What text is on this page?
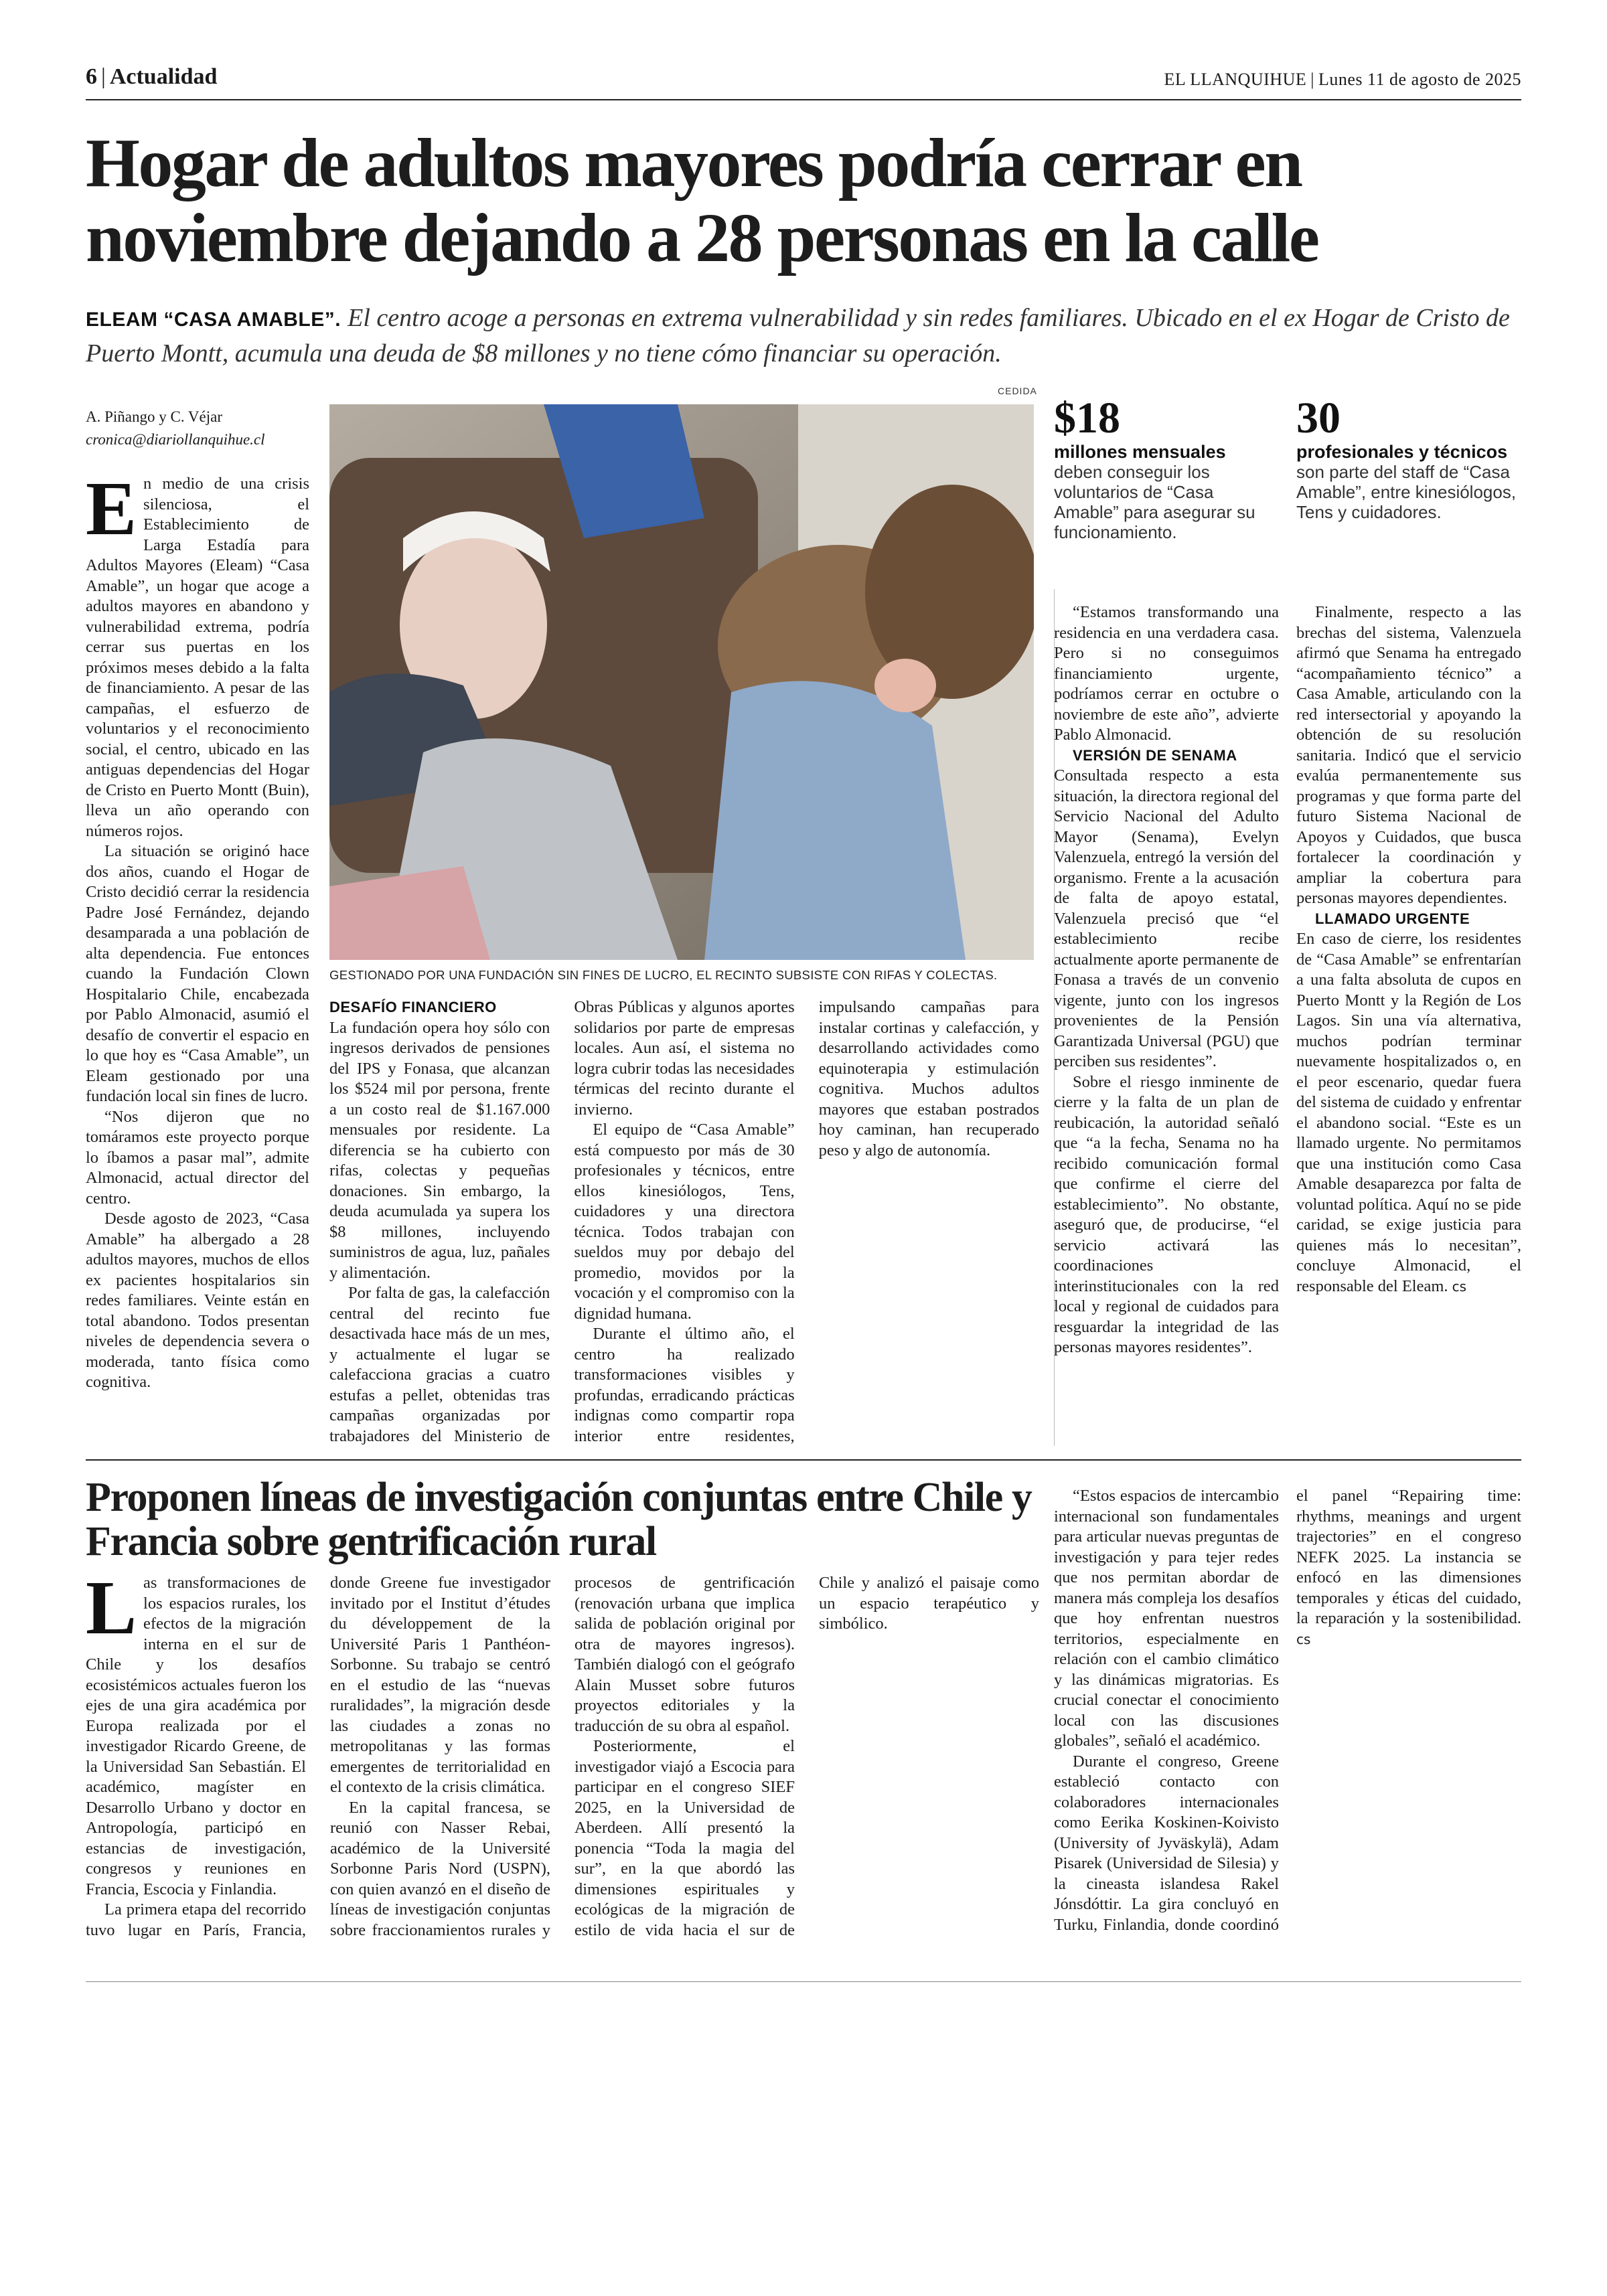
6 | Actualidad	EL LLANQUIHUE | Lunes 11 de agosto de 2025
Hogar de adultos mayores podría cerrar en noviembre dejando a 28 personas en la calle
ELEAM “CASA AMABLE”. El centro acoge a personas en extrema vulnerabilidad y sin redes familiares. Ubicado en el ex Hogar de Cristo de Puerto Montt, acumula una deuda de $8 millones y no tiene cómo financiar su operación.
A. Piñango y C. Véjar
cronica@diariollanquihue.cl
CEDIDA
GESTIONADO POR UNA FUNDACIÓN SIN FINES DE LUCRO, EL RECINTO SUBSISTE CON RIFAS Y COLECTAS.
$18
millones mensuales deben conseguir los voluntarios de “Casa Amable” para asegurar su funcionamiento.
30
profesionales y técnicos son parte del staff de “Casa Amable”, entre kinesiólogos, Tens y cuidadores.

En medio de una crisis silenciosa, el Establecimiento de Larga Estadía para Adultos Mayores (Eleam) “Casa Amable”, un hogar que acoge a adultos mayores en abandono y vulnerabilidad extrema, podría cerrar sus puertas en los próximos meses debido a la falta de financiamiento. A pesar de las campañas, el esfuerzo de voluntarios y el reconocimiento social, el centro, ubicado en las antiguas dependencias del Hogar de Cristo en Puerto Montt (Buin), lleva un año operando con números rojos.

La situación se originó hace dos años, cuando el Hogar de Cristo decidió cerrar la residencia Padre José Fernández, dejando desamparada a una población de alta dependencia. Fue entonces cuando la Fundación Clown Hospitalario Chile, encabezada por Pablo Almonacid, asumió el desafío de convertir el espacio en lo que hoy es “Casa Amable”, un Eleam gestionado por una fundación local sin fines de lucro.

“Nos dijeron que no tomáramos este proyecto porque lo íbamos a pasar mal”, admite Almonacid, actual director del centro.

Desde agosto de 2023, “Casa Amable” ha albergado a 28 adultos mayores, muchos de ellos ex pacientes hospitalarios sin redes familiares. Veinte están en total abandono. Todos presentan niveles de dependencia severa o moderada, tanto física como cognitiva.

DESAFÍO FINANCIERO

La fundación opera hoy sólo con ingresos derivados de pensiones del IPS y Fonasa, que alcanzan los $524 mil por persona, frente a un costo real de $1.167.000 mensuales por residente. La diferencia se ha cubierto con rifas, colectas y pequeñas donaciones. Sin embargo, la deuda acumulada ya supera los $8 millones, incluyendo suministros de agua, luz, pañales y alimentación.

Por falta de gas, la calefacción central del recinto fue desactivada hace más de un mes, y actualmente el lugar se calefacciona gracias a cuatro estufas a pellet, obtenidas tras campañas organizadas por trabajadores del Ministerio de Obras Públicas y algunos aportes solidarios por parte de empresas locales. Aun así, el sistema no logra cubrir todas las necesidades térmicas del recinto durante el invierno.

El equipo de “Casa Amable” está compuesto por más de 30 profesionales y técnicos, entre ellos kinesiólogos, Tens, cuidadores y una directora técnica. Todos trabajan con sueldos muy por debajo del promedio, movidos por la vocación y el compromiso con la dignidad humana.

Durante el último año, el centro ha realizado transformaciones visibles y profundas, erradicando prácticas indignas como compartir ropa interior entre residentes, impulsando campañas para instalar cortinas y calefacción, y desarrollando actividades como equinoterapia y estimulación cognitiva. Muchos adultos mayores que estaban postrados hoy caminan, han recuperado peso y algo de autonomía.

“Estamos transformando una residencia en una verdadera casa. Pero si no conseguimos financiamiento urgente, podríamos cerrar en octubre o noviembre de este año”, advierte Pablo Almonacid.

VERSIÓN DE SENAMA

Consultada respecto a esta situación, la directora regional del Servicio Nacional del Adulto Mayor (Senama), Evelyn Valenzuela, entregó la versión del organismo. Frente a la acusación de falta de apoyo estatal, Valenzuela precisó que “el establecimiento recibe actualmente aporte permanente de Fonasa a través de un convenio vigente, junto con los ingresos provenientes de la Pensión Garantizada Universal (PGU) que perciben sus residentes”.

Sobre el riesgo inminente de cierre y la falta de un plan de reubicación, la autoridad señaló que “a la fecha, Senama no ha recibido comunicación formal que confirme el cierre del establecimiento”. No obstante, aseguró que, de producirse, “el servicio activará las coordinaciones interinstitucionales con la red local y regional de cuidados para resguardar la integridad de las personas mayores residentes”.

Finalmente, respecto a las brechas del sistema, Valenzuela afirmó que Senama ha entregado “acompañamiento técnico” a Casa Amable, articulando con la red intersectorial y apoyando la obtención de su resolución sanitaria. Indicó que el servicio evalúa permanentemente sus programas y que forma parte del futuro Sistema Nacional de Apoyos y Cuidados, que busca fortalecer la coordinación y ampliar la cobertura para personas mayores dependientes.

LLAMADO URGENTE

En caso de cierre, los residentes de “Casa Amable” se enfrentarían a una falta absoluta de cupos en Puerto Montt y la Región de Los Lagos. Sin una vía alternativa, muchos podrían terminar nuevamente hospitalizados o, en el peor escenario, quedar fuera del sistema de cuidado y enfrentar el abandono social. “Este es un llamado urgente. No permitamos que una institución como Casa Amable desaparezca por falta de voluntad política. Aquí no se pide caridad, se exige justicia para quienes más lo necesitan”, concluye Almonacid, el responsable del Eleam. cs

Proponen líneas de investigación conjuntas entre Chile y Francia sobre gentrificación rural

Las transformaciones de los espacios rurales, los efectos de la migración interna en el sur de Chile y los desafíos ecosistémicos actuales fueron los ejes de una gira académica por Europa realizada por el investigador Ricardo Greene, de la Universidad San Sebastián. El académico, magíster en Desarrollo Urbano y doctor en Antropología, participó en estancias de investigación, congresos y reuniones en Francia, Escocia y Finlandia.

La primera etapa del recorrido tuvo lugar en París, Francia, donde Greene fue investigador invitado por el Institut d’études du développement de la Université Paris 1 Panthéon-Sorbonne. Su trabajo se centró en el estudio de las “nuevas ruralidades”, la migración desde las ciudades a zonas no metropolitanas y las formas emergentes de territorialidad en el contexto de la crisis climática.

En la capital francesa, se reunió con Nasser Rebai, académico de la Université Sorbonne Paris Nord (USPN), con quien avanzó en el diseño de líneas de investigación conjuntas sobre fraccionamientos rurales y procesos de gentrificación (renovación urbana que implica salida de población original por otra de mayores ingresos). También dialogó con el geógrafo Alain Musset sobre futuros proyectos editoriales y la traducción de su obra al español.

Posteriormente, el investigador viajó a Escocia para participar en el congreso SIEF 2025, en la Universidad de Aberdeen. Allí presentó la ponencia “Toda la magia del sur”, en la que abordó las dimensiones espirituales y ecológicas de la migración de estilo de vida hacia el sur de Chile y analizó el paisaje como un espacio terapéutico y simbólico.

“Estos espacios de intercambio internacional son fundamentales para articular nuevas preguntas de investigación y para tejer redes que nos permitan abordar de manera más compleja los desafíos que hoy enfrentan nuestros territorios, especialmente en relación con el cambio climático y las dinámicas migratorias. Es crucial conectar el conocimiento local con las discusiones globales”, señaló el académico.

Durante el congreso, Greene estableció contacto con colaboradores internacionales como Eerika Koskinen-Koivisto (University of Jyväskylä), Adam Pisarek (Universidad de Silesia) y la cineasta islandesa Rakel Jónsdóttir. La gira concluyó en Turku, Finlandia, donde coordinó el panel “Repairing time: rhythms, meanings and urgent trajectories” en el congreso NEFK 2025. La instancia se enfocó en las dimensiones temporales y éticas del cuidado, la reparación y la sostenibilidad. cs
